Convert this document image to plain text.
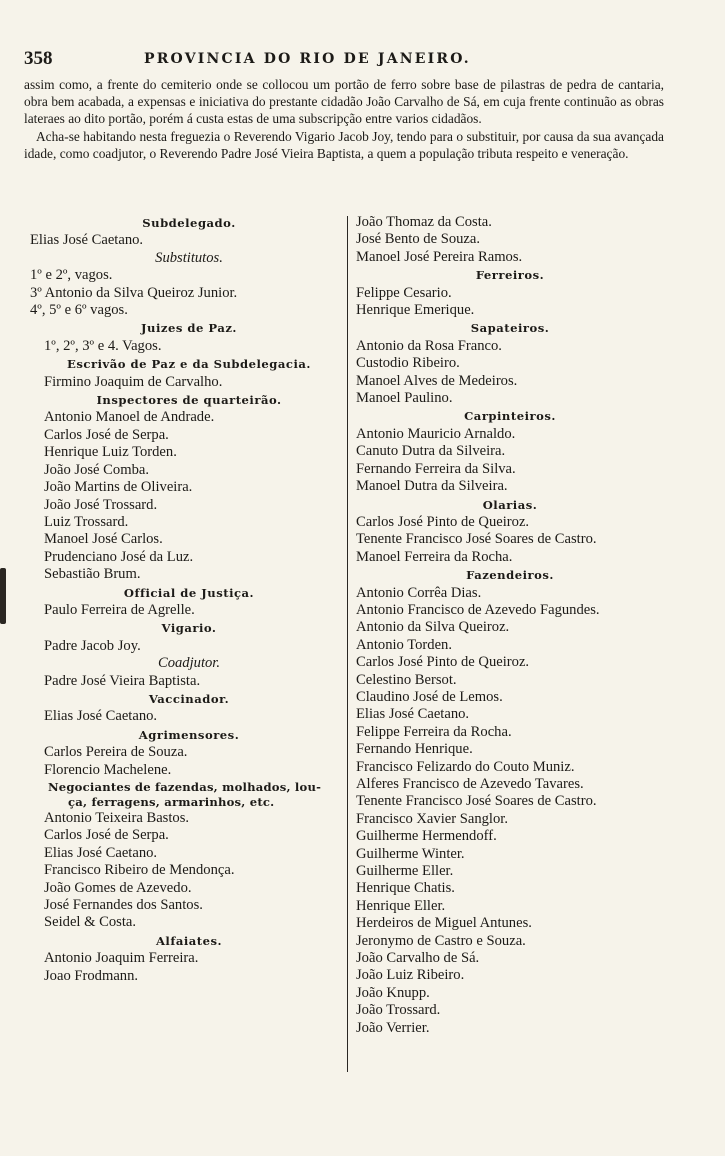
358	PROVINCIA DO RIO DE JANEIRO.

assim como, a frente do cemiterio onde se collocou um portão de ferro sobre base de pilastras de pedra de cantaria, obra bem acabada, a expensas e iniciativa do prestante cidadão João Carvalho de Sá, em cuja frente continuão as obras lateraes ao dito portão, porém á custa estas de uma subscripção entre varios cidadãos.

Acha-se habitando nesta freguezia o Reverendo Vigario Jacob Joy, tendo para o substituir, por causa da sua avançada idade, como coadjutor, o Reverendo Padre José Vieira Baptista, a quem a população tributa respeito e veneração.

Subdelegado.
Elias José Caetano.
Substitutos.
1º e 2º, vagos.
3º Antonio da Silva Queiroz Junior.
4º, 5º e 6º vagos.
Juizes de Paz.
1º, 2º, 3º e 4. Vagos.
Escrivão de Paz e da Subdelegacia.
Firmino Joaquim de Carvalho.
Inspectores de quarteirão.
Antonio Manoel de Andrade.
Carlos José de Serpa.
Henrique Luiz Torden.
João José Comba.
João Martins de Oliveira.
João José Trossard.
Luiz Trossard.
Manoel José Carlos.
Prudenciano José da Luz.
Sebastião Brum.
Official de Justiça.
Paulo Ferreira de Agrelle.
Vigario.
Padre Jacob Joy.
Coadjutor.
Padre José Vieira Baptista.
Vaccinador.
Elias José Caetano.
Agrimensores.
Carlos Pereira de Souza.
Florencio Machelene.
Negociantes de fazendas, molhados, lou-
ça, ferragens, armarinhos, etc.
Antonio Teixeira Bastos.
Carlos José de Serpa.
Elias José Caetano.
Francisco Ribeiro de Mendonça.
João Gomes de Azevedo.
José Fernandes dos Santos.
Seidel & Costa.
Alfaiates.
Antonio Joaquim Ferreira.
Joao Frodmann.
João Thomaz da Costa.
José Bento de Souza.
Manoel José Pereira Ramos.
Ferreiros.
Felippe Cesario.
Henrique Emerique.
Sapateiros.
Antonio da Rosa Franco.
Custodio Ribeiro.
Manoel Alves de Medeiros.
Manoel Paulino.
Carpinteiros.
Antonio Mauricio Arnaldo.
Canuto Dutra da Silveira.
Fernando Ferreira da Silva.
Manoel Dutra da Silveira.
Olarias.
Carlos José Pinto de Queiroz.
Tenente Francisco José Soares de Castro.
Manoel Ferreira da Rocha.
Fazendeiros.
Antonio Corrêa Dias.
Antonio Francisco de Azevedo Fagundes.
Antonio da Silva Queiroz.
Antonio Torden.
Carlos José Pinto de Queiroz.
Celestino Bersot.
Claudino José de Lemos.
Elias José Caetano.
Felippe Ferreira da Rocha.
Fernando Henrique.
Francisco Felizardo do Couto Muniz.
Alferes Francisco de Azevedo Tavares.
Tenente Francisco José Soares de Castro.
Francisco Xavier Sanglor.
Guilherme Hermendoff.
Guilherme Winter.
Guilherme Eller.
Henrique Chatis.
Henrique Eller.
Herdeiros de Miguel Antunes.
Jeronymo de Castro e Souza.
João Carvalho de Sá.
João Luiz Ribeiro.
João Knupp.
João Trossard.
João Verrier.
